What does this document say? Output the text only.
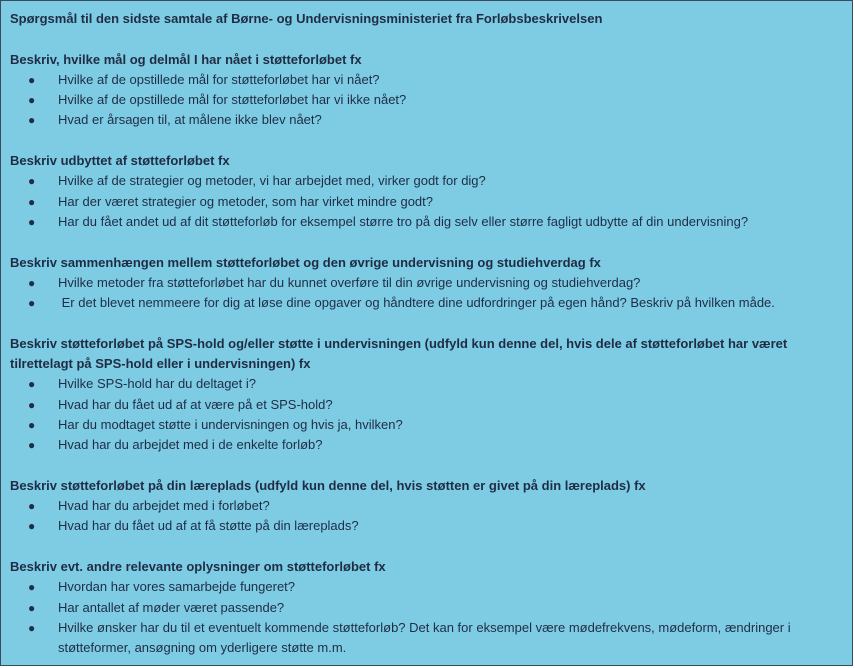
Spørgsmål til den sidste samtale af Børne- og Undervisningsministeriet fra Forløbsbeskrivelsen
Beskriv, hvilke mål og delmål I har nået i støtteforløbet fx
● Hvilke af de opstillede mål for støtteforløbet har vi nået?
● Hvilke af de opstillede mål for støtteforløbet har vi ikke nået?
● Hvad er årsagen til, at målene ikke blev nået?
Beskriv udbyttet af støtteforløbet fx
● Hvilke af de strategier og metoder, vi har arbejdet med, virker godt for dig?
● Har der været strategier og metoder, som har virket mindre godt?
● Har du fået andet ud af dit støtteforløb for eksempel større tro på dig selv eller større fagligt udbytte af din undervisning?
Beskriv sammenhængen mellem støtteforløbet og den øvrige undervisning og studiehverdag fx
● Hvilke metoder fra støtteforløbet har du kunnet overføre til din øvrige undervisning og studiehverdag?
● Er det blevet nemmeere for dig at løse dine opgaver og håndtere dine udfordringer på egen hånd? Beskriv på hvilken måde.
Beskriv støtteforløbet på SPS-hold og/eller støtte i undervisningen (udfyld kun denne del, hvis dele af støtteforløbet har været tilrettelagt på SPS-hold eller i undervisningen) fx
● Hvilke SPS-hold har du deltaget i?
● Hvad har du fået ud af at være på et SPS-hold?
● Har du modtaget støtte i undervisningen og hvis ja, hvilken?
● Hvad har du arbejdet med i de enkelte forløb?
Beskriv støtteforløbet på din læreplads (udfyld kun denne del, hvis støtten er givet på din læreplads) fx
● Hvad har du arbejdet med i forløbet?
● Hvad har du fået ud af at få støtte på din læreplads?
Beskriv evt. andre relevante oplysninger om støtteforløbet fx
● Hvordan har vores samarbejde fungeret?
● Har antallet af møder været passende?
● Hvilke ønsker har du til et eventuelt kommende støtteforløb? Det kan for eksempel være mødefrekvens, mødeform, ændringer i støtteformer, ansøgning om yderligere støtte m.m.
